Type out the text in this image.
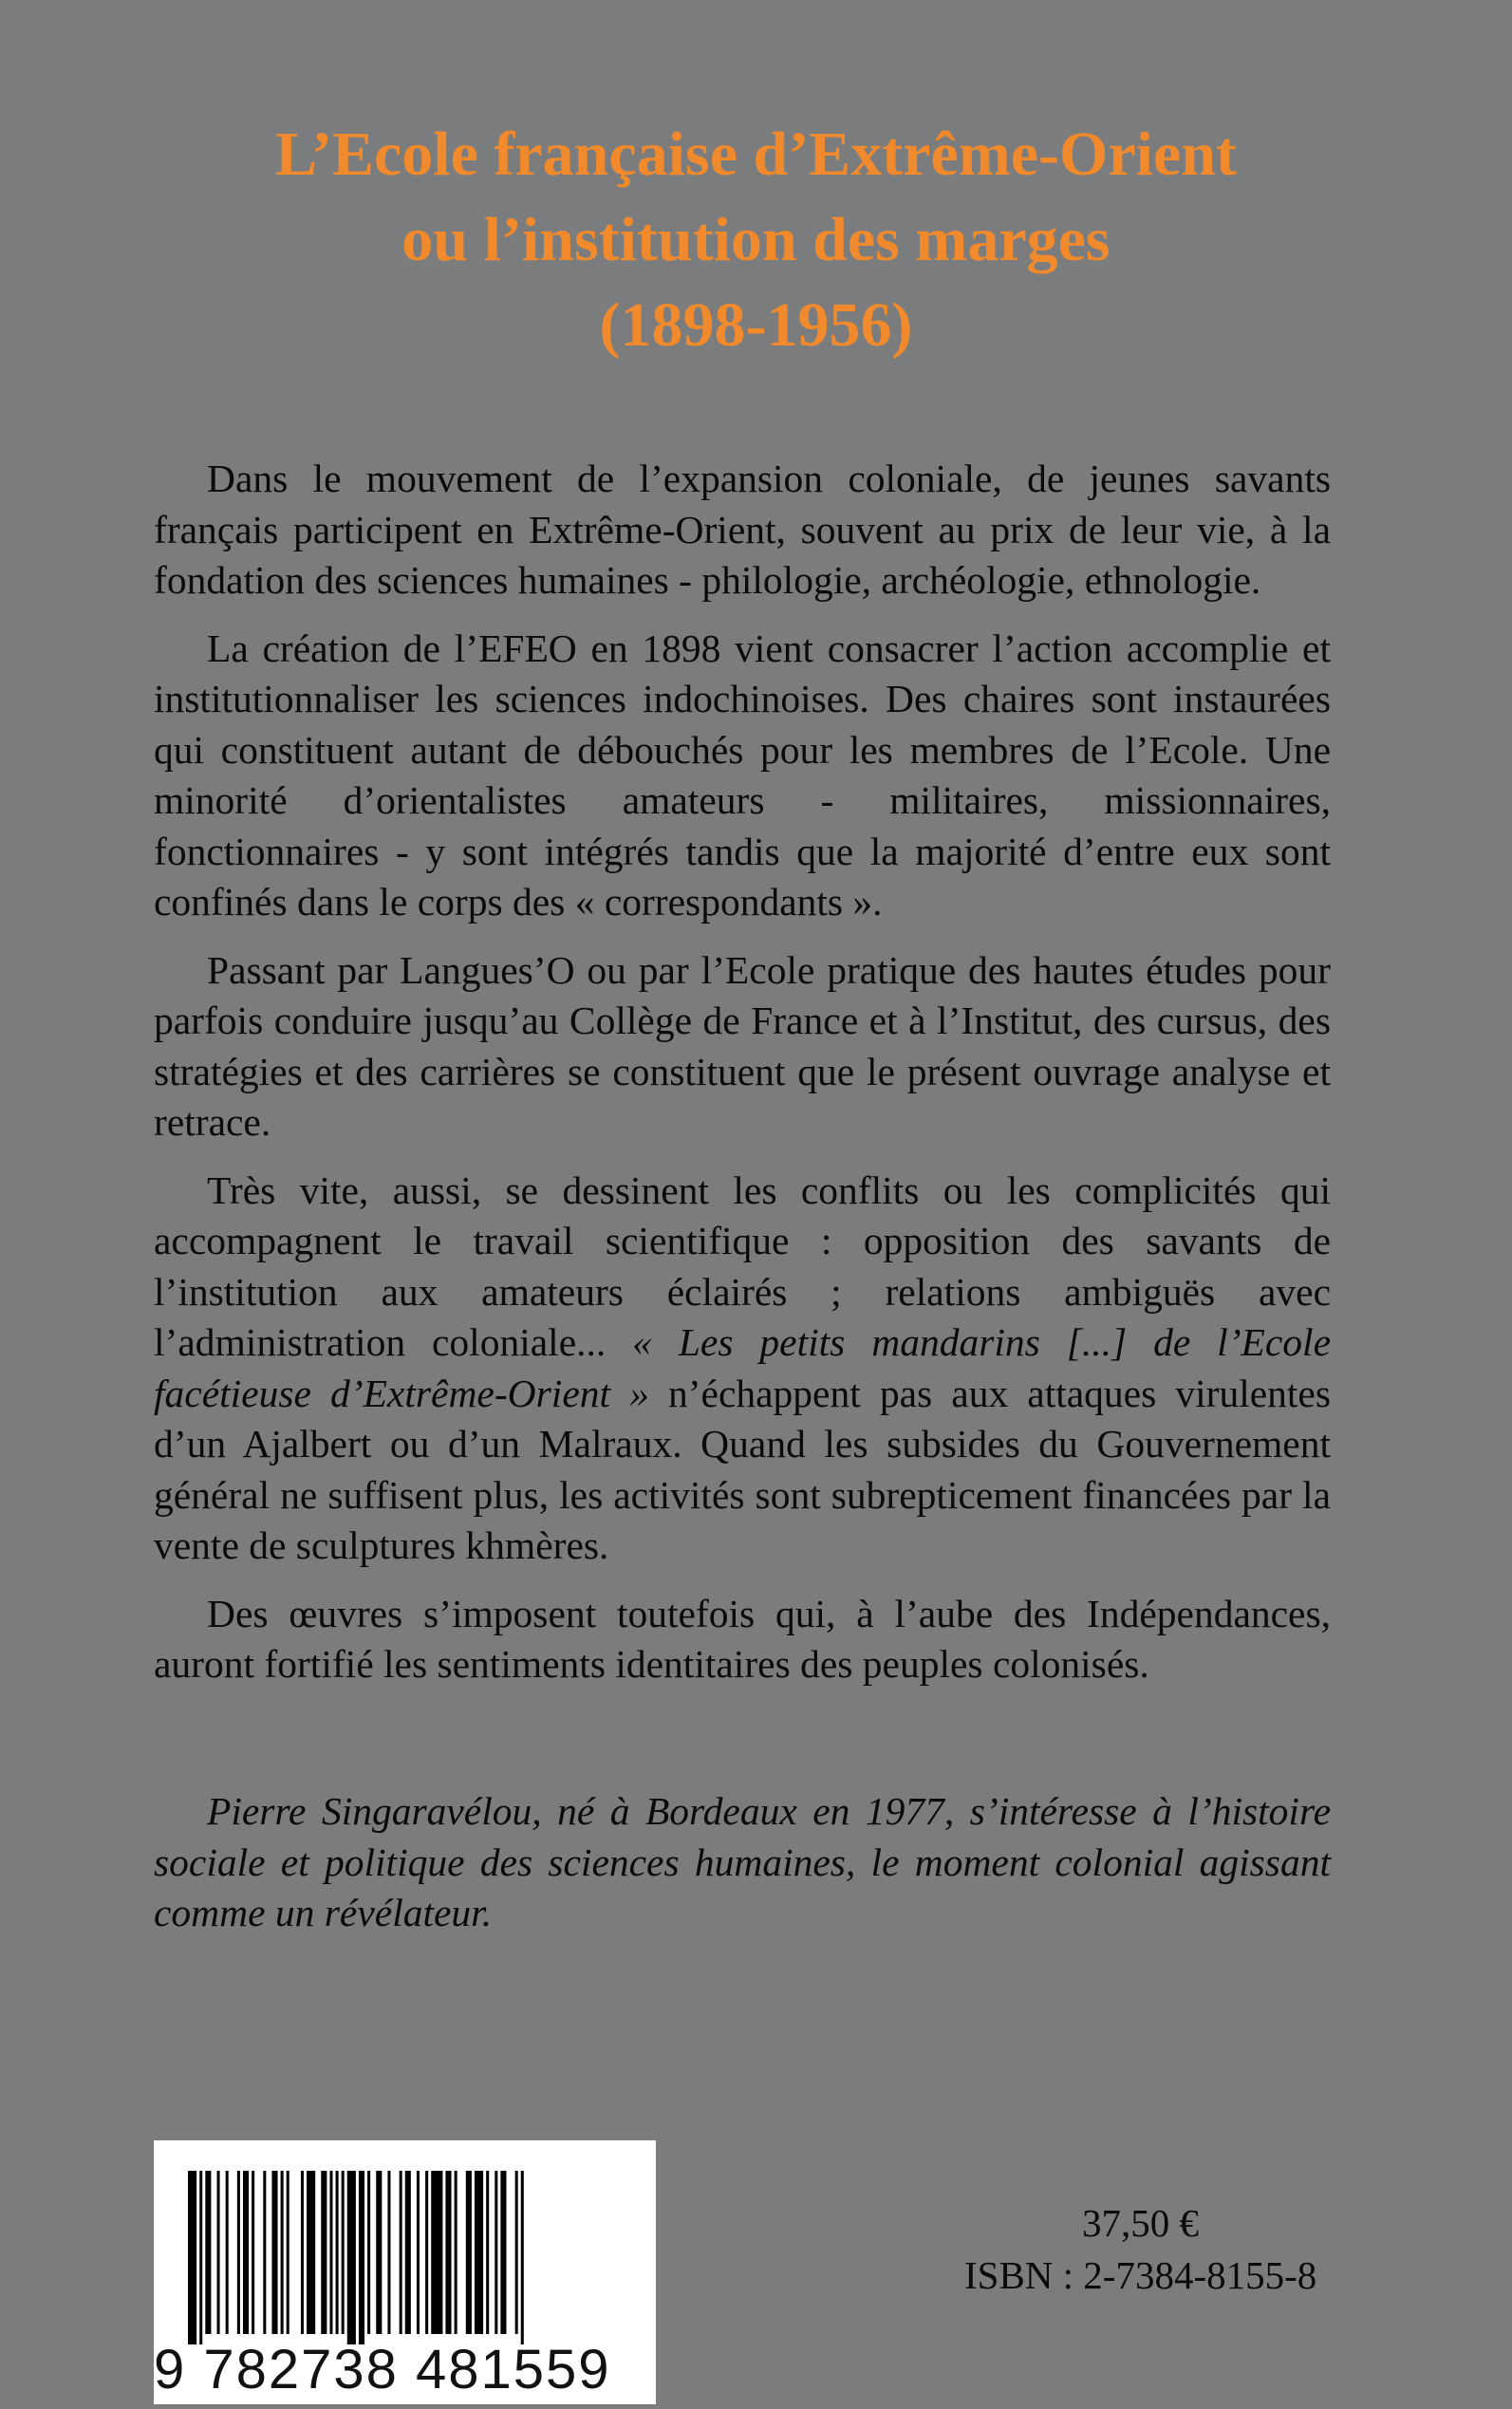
L’Ecole française d’Extrême-Orient
ou l’institution des marges
(1898-1956)

Dans le mouvement de l’expansion coloniale, de jeunes savants français participent en Extrême-Orient, souvent au prix de leur vie, à la fondation des sciences humaines - philologie, archéologie, ethnologie.

La création de l’EFEO en 1898 vient consacrer l’action accomplie et institutionnaliser les sciences indochinoises. Des chaires sont instaurées qui constituent autant de débouchés pour les membres de l’Ecole. Une minorité d’orientalistes amateurs - militaires, missionnaires, fonctionnaires - y sont intégrés tandis que la majorité d’entre eux sont confinés dans le corps des « correspondants ».

Passant par Langues’O ou par l’Ecole pratique des hautes études pour parfois conduire jusqu’au Collège de France et à l’Institut, des cursus, des stratégies et des carrières se constituent que le présent ouvrage analyse et retrace.

Très vite, aussi, se dessinent les conflits ou les complicités qui accompagnent le travail scientifique : opposition des savants de l’institution aux amateurs éclairés ; relations ambiguës avec l’administration coloniale... « Les petits mandarins [...] de l’Ecole facétieuse d’Extrême-Orient » n’échappent pas aux attaques virulentes d’un Ajalbert ou d’un Malraux. Quand les subsides du Gouvernement général ne suffisent plus, les activités sont subrepticement financées par la vente de sculptures khmères.

Des œuvres s’imposent toutefois qui, à l’aube des Indépendances, auront fortifié les sentiments identitaires des peuples colonisés.

Pierre Singaravélou, né à Bordeaux en 1977, s’intéresse à l’histoire sociale et politique des sciences humaines, le moment colonial agissant comme un révélateur.

9 782738 481559
37,50 €
ISBN : 2-7384-8155-8
